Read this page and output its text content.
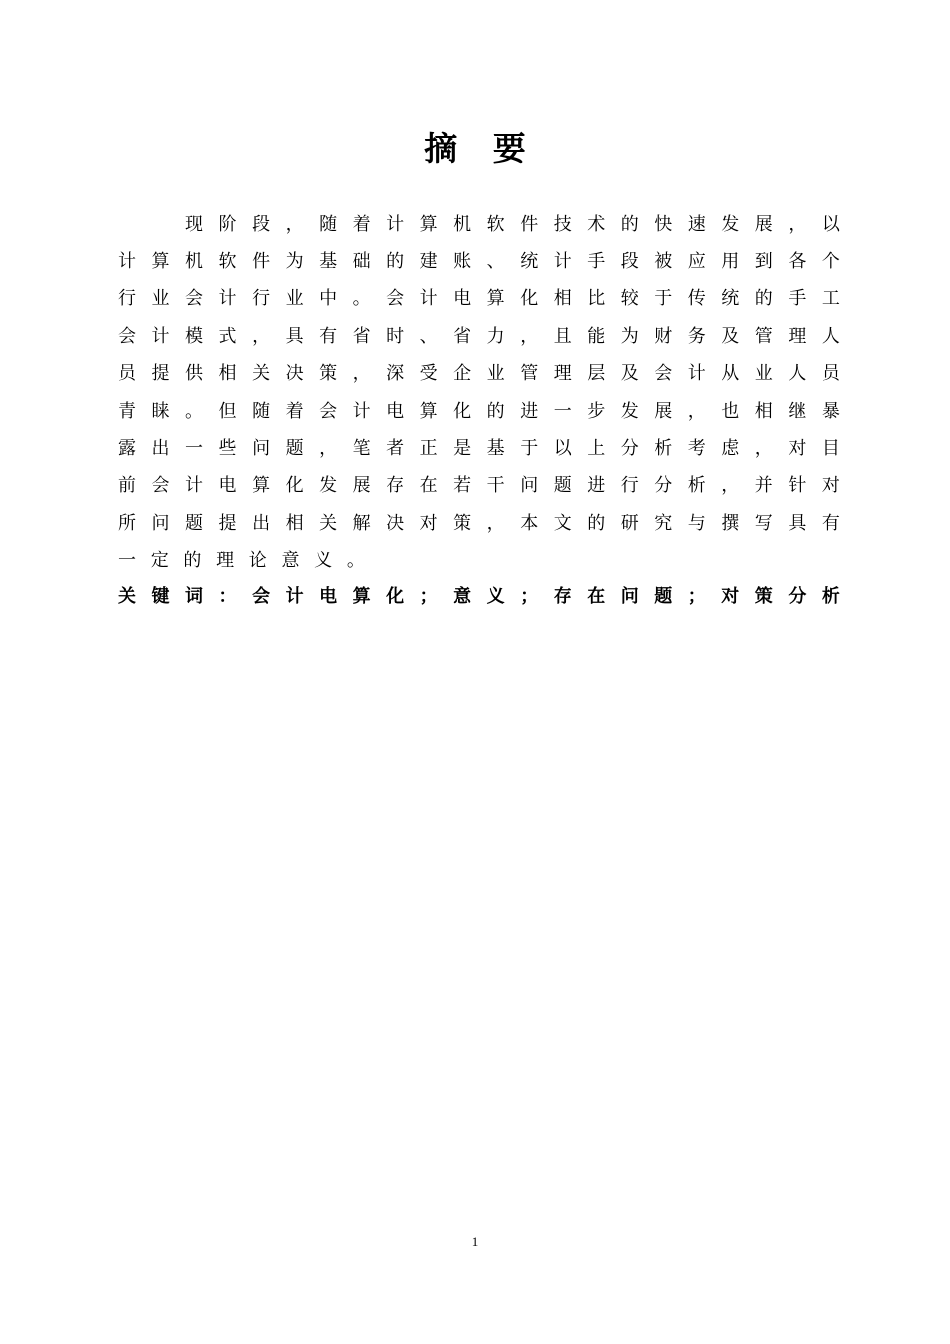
摘 要

现 阶 段 ， 随 着 计 算 机 软 件 技 术 的 快 速 发 展 ， 以
计 算 机 软 件 为 基 础 的 建 账 、 统 计 手 段 被 应 用 到 各 个
行 业 会 计 行 业 中 。 会 计 电 算 化 相 比 较 于 传 统 的 手 工
会 计 模 式 ， 具 有 省 时 、 省 力 ， 且 能 为 财 务 及 管 理 人
员 提 供 相 关 决 策 ， 深 受 企 业 管 理 层 及 会 计 从 业 人 员
青 睐 。 但 随 着 会 计 电 算 化 的 进 一 步 发 展 ， 也 相 继 暴
露 出 一 些 问 题 ， 笔 者 正 是 基 于 以 上 分 析 考 虑 ， 对 目
前 会 计 电 算 化 发 展 存 在 若 干 问 题 进 行 分 析 ， 并 针 对
所 问 题 提 出 相 关 解 决 对 策 ， 本 文 的 研 究 与 撰 写 具 有
一 定 的 理 论 意 义 。
关 键 词 ： 会 计 电 算 化 ； 意 义 ； 存 在 问 题 ； 对 策 分 析
1
